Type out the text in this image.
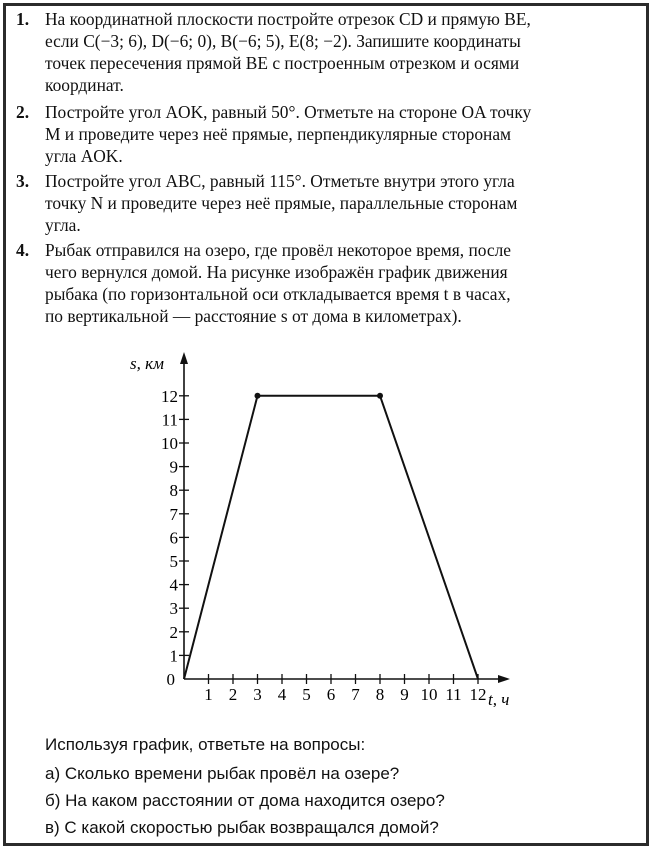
1. На координатной плоскости постройте отрезок CD и прямую BE,

если C(−3; 6), D(−6; 0), B(−6; 5), E(8; −2). Запишите координаты

точек пересечения прямой BE с построенным отрезком и осями

координат.

2. Постройте угол AOK, равный 50°. Отметьте на стороне OA точку

M и проведите через неё прямые, перпендикулярные сторонам

угла AOK.

3. Постройте угол ABC, равный 115°. Отметьте внутри этого угла

точку N и проведите через неё прямые, параллельные сторонам

угла.

4. Рыбак отправился на озеро, где провёл некоторое время, после

чего вернулся домой. На рисунке изображён график движения

рыбака (по горизонтальной оси откладывается время t в часах,

по вертикальной — расстояние s от дома в километрах).

1 2 3 4 5 6 7 8 9 10 11 12
1
2
3
4
5
6
7
8
9
10
11
12
0
s, км
t, ч
Используя график, ответьте на вопросы:
а) Сколько времени рыбак провёл на озере?
б) На каком расстоянии от дома находится озеро?
в) С какой скоростью рыбак возвращался домой?
